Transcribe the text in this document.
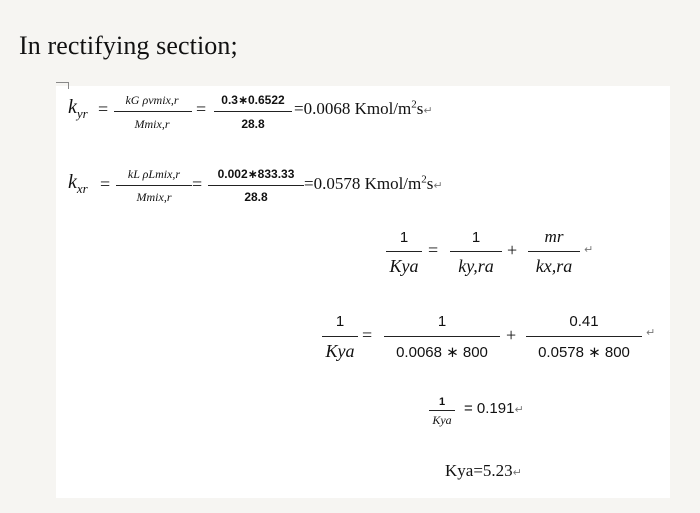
In rectifying section;
$k_{yr}$ =	kG ρvmix,r
Mmix,r
=	0.3∗0.6522
28.8
=0.0068 Kmol/$m^2s↵$
$k_{xr}$ =	kL ρLmix,r
Mmix,r
=	0.002∗833.33
28.8
=0.0578 Kmol/$m^2s↵$
1
Kya
=
1
ky,ra
+
mr
kx,ra
↵
1
Kya
=
1
0.0068 ∗ 800
+
0.41
0.0578 ∗ 800
↵
1
Kya
= 0.191↵
Kya=5.23↵
